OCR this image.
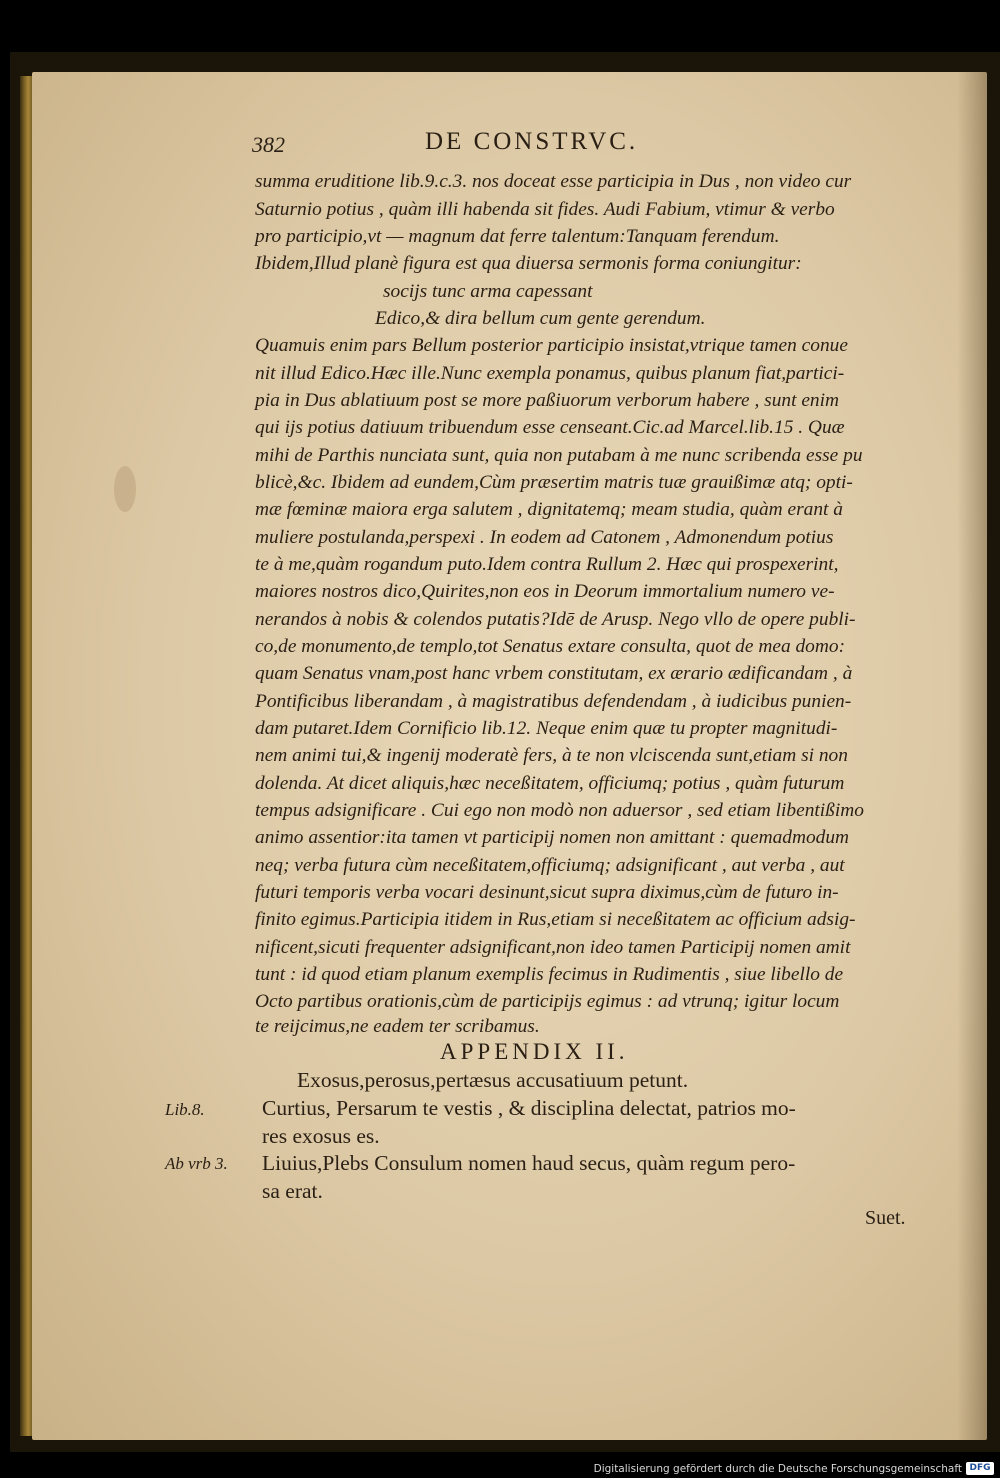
382	DE CONSTRVC.
summa eruditione lib.9.c.3. nos doceat esse participia in Dus , non video cur
Saturnio potius , quàm illi habenda sit fides. Audi Fabium, vtimur & verbo
pro participio,vt — magnum dat ferre talentum:Tanquam ferendum.
Ibidem,Illud planè figura est qua diuersa sermonis forma coniungitur:
socijs tunc arma capessant
Edico,& dira bellum cum gente gerendum.
Quamuis enim pars Bellum posterior participio insistat,vtrique tamen conue
nit illud Edico.Hæc ille.Nunc exempla ponamus, quibus planum fiat,partici-
pia in Dus ablatiuum post se more paßiuorum verborum habere , sunt enim
qui ijs potius datiuum tribuendum esse censeant.Cic.ad Marcel.lib.15 . Quæ
mihi de Parthis nunciata sunt, quia non putabam à me nunc scribenda esse pu
blicè,&c. Ibidem ad eundem,Cùm præsertim matris tuæ grauißimæ atq; opti-
mæ fœminæ maiora erga salutem , dignitatemq; meam studia, quàm erant à
muliere postulanda,perspexi . In eodem ad Catonem , Admonendum potius
te à me,quàm rogandum puto.Idem contra Rullum 2. Hæc qui prospexerint,
maiores nostros dico,Quirites,non eos in Deorum immortalium numero ve-
nerandos à nobis & colendos putatis?Idē de Arusp. Nego vllo de opere publi-
co,de monumento,de templo,tot Senatus extare consulta, quot de mea domo:
quam Senatus vnam,post hanc vrbem constitutam, ex ærario ædificandam , à
Pontificibus liberandam , à magistratibus defendendam , à iudicibus punien-
dam putaret.Idem Cornificio lib.12. Neque enim quæ tu propter magnitudi-
nem animi tui,& ingenij moderatè fers, à te non vlciscenda sunt,etiam si non
dolenda. At dicet aliquis,hæc neceßitatem, officiumq; potius , quàm futurum
tempus adsignificare . Cui ego non modò non aduersor , sed etiam libentißimo
animo assentior:ita tamen vt participij nomen non amittant : quemadmodum
neq; verba futura cùm neceßitatem,officiumq; adsignificant , aut verba , aut
futuri temporis verba vocari desinunt,sicut supra diximus,cùm de futuro in-
finito egimus.Participia itidem in Rus,etiam si neceßitatem ac officium adsig-
nificent,sicuti frequenter adsignificant,non ideo tamen Participij nomen amit
tunt : id quod etiam planum exemplis fecimus in Rudimentis , siue libello de
Octo partibus orationis,cùm de participijs egimus : ad vtrunq; igitur locum
te reijcimus,ne eadem ter scribamus.
APPENDIX II.
Exosus,perosus,pertæsus accusatiuum petunt.
Curtius, Persarum te vestis , & disciplina delectat, patrios mo-
res exosus es.
Liuius,Plebs Consulum nomen haud secus, quàm regum pero-
sa erat.
Lib.8.
Ab vrb 3.
Suet.
Digitalisierung gefördert durch die Deutsche Forschungsgemeinschaft DFG
